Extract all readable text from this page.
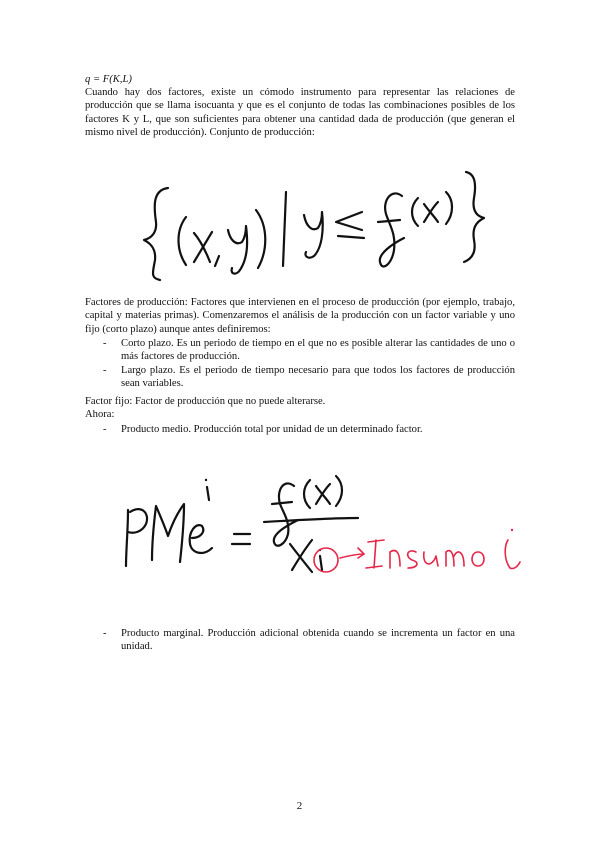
q = F(K,L)
Cuando hay dos factores, existe un cómodo instrumento para representar las relaciones de producción que se llama isocuanta y que es el conjunto de todas las combinaciones posibles de los factores K y L, que son suficientes para obtener una cantidad dada de producción (que generan el mismo nivel de producción). Conjunto de producción:
Factores de producción: Factores que intervienen en el proceso de producción (por ejemplo, trabajo, capital y materias primas). Comenzaremos el análisis de la producción con un factor variable y uno fijo (corto plazo) aunque antes definiremos:

- Corto plazo. Es un periodo de tiempo en el que no es posible alterar las cantidades de uno o más factores de producción.

- Largo plazo. Es el periodo de tiempo necesario para que todos los factores de producción sean variables.

Factor fijo: Factor de producción que no puede alterarse.
Ahora:

- Producto medio. Producción total por unidad de un determinado factor.

- Producto marginal. Producción adicional obtenida cuando se incrementa un factor en una unidad.

2
